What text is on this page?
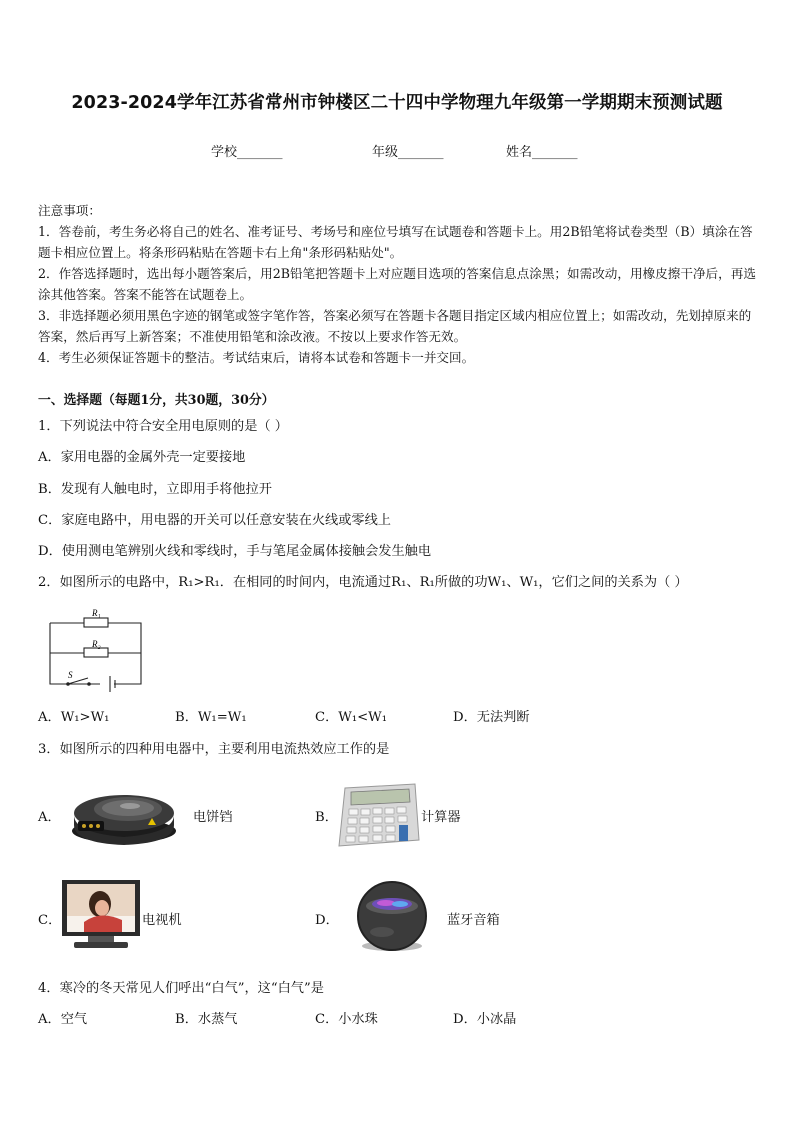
2023-2024学年江苏省常州市钟楼区二十四中学物理九年级第一学期期末预测试题
学校_______	年级_______	姓名_______

注意事项：

1．答卷前，考生务必将自己的姓名、准考证号、考场号和座位号填写在试题卷和答题卡上。用2B铅笔将试卷类型（B）填涂在答题卡相应位置上。将条形码粘贴在答题卡右上角"条形码粘贴处"。

2．作答选择题时，选出每小题答案后，用2B铅笔把答题卡上对应题目选项的答案信息点涂黑；如需改动，用橡皮擦干净后，再选涂其他答案。答案不能答在试题卷上。

3．非选择题必须用黑色字迹的钢笔或签字笔作答，答案必须写在答题卡各题目指定区域内相应位置上；如需改动，先划掉原来的答案，然后再写上新答案；不准使用铅笔和涂改液。不按以上要求作答无效。

4．考生必须保证答题卡的整洁。考试结束后，请将本试卷和答题卡一并交回。

一、选择题（每题1分，共30题，30分）
1．下列说法中符合安全用电原则的是（ ）
A．家用电器的金属外壳一定要接地
B．发现有人触电时，立即用手将他拉开
C．家庭电路中，用电器的开关可以任意安装在火线或零线上
D．使用测电笔辨别火线和零线时，手与笔尾金属体接触会发生触电
2．如图所示的电路中，R₁>R₁．在相同的时间内，电流通过R₁、R₁所做的功W₁、W₁，它们之间的关系为（ ）
R₁
R₂
S
A．W₁>W₁	B．W₁=W₁	C．W₁<W₁	D．无法判断
3．如图所示的四种用电器中，主要利用电流热效应工作的是
A．	电饼铛	B．	计算器
C．	电视机	D．	蓝牙音箱
4．寒冷的冬天常见人们呼出“白气”，这“白气”是
A．空气	B．水蒸气	C．小水珠	D．小冰晶
